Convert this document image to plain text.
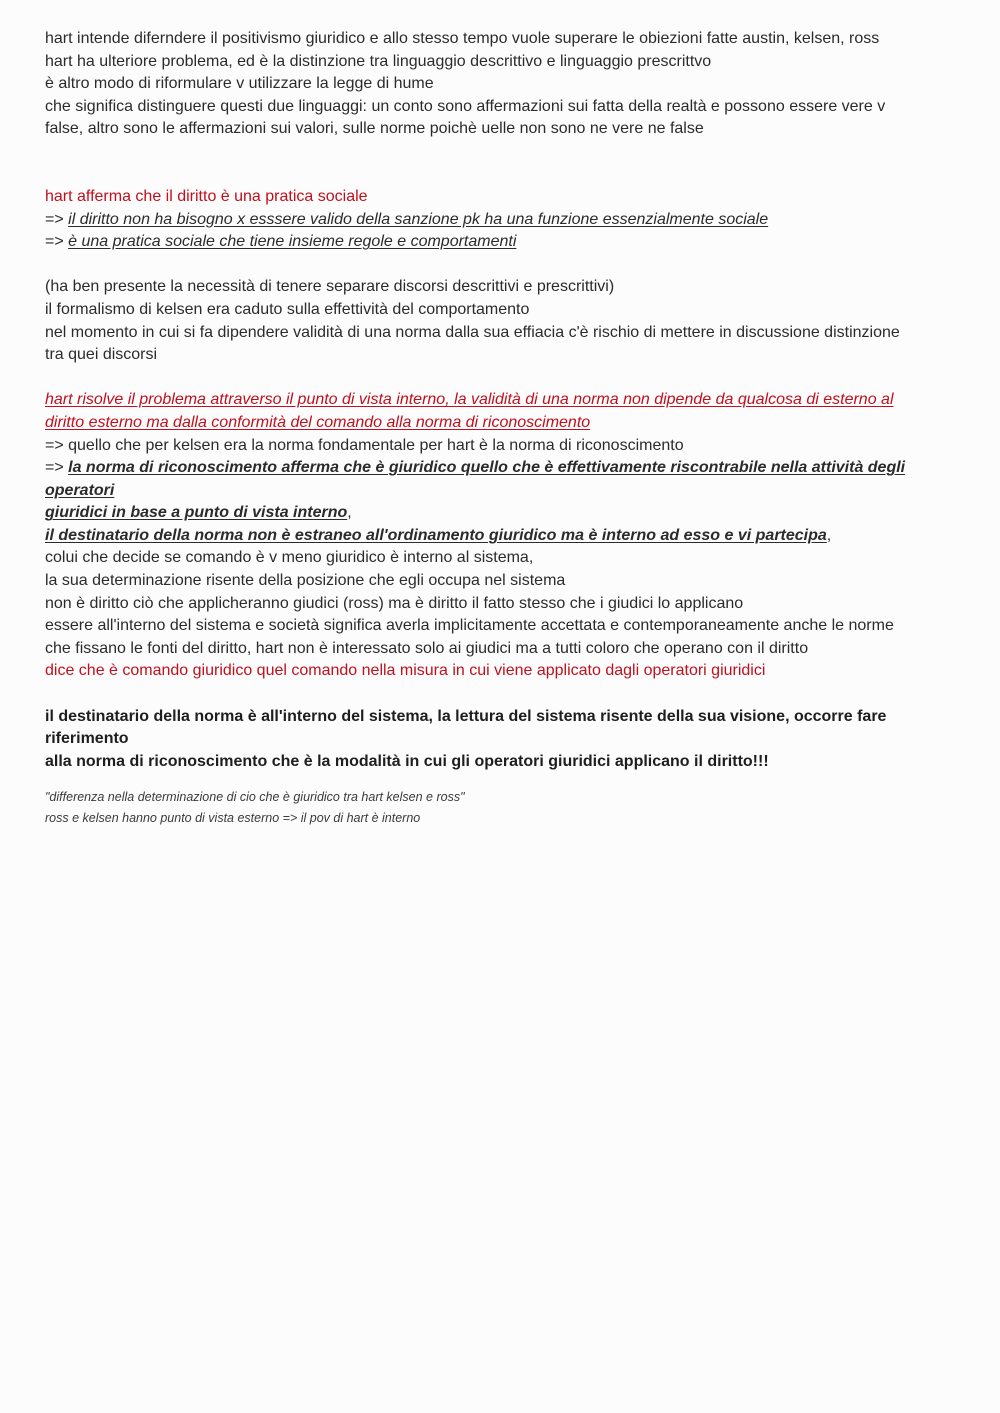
hart intende diferndere il positivismo giuridico e allo stesso tempo vuole superare le obiezioni fatte austin, kelsen, ross
hart ha ulteriore problema, ed è la distinzione tra linguaggio descrittivo e linguaggio prescrittvo
è altro modo di riformulare v utilizzare la legge di hume
che significa distinguere questi due linguaggi: un conto sono affermazioni sui fatta della realtà e possono essere vere v
false, altro sono le affermazioni sui valori, sulle norme poichè uelle non sono ne vere ne false
hart afferma che il diritto è una pratica sociale
=> il diritto non ha bisogno x esssere valido della sanzione pk ha una funzione essenzialmente sociale
=> è una pratica sociale che tiene insieme regole e comportamenti
(ha ben presente la necessità di tenere separare discorsi descrittivi e prescrittivi)
il formalismo di kelsen era caduto sulla effettività del comportamento
nel momento in cui si fa dipendere validità di una norma dalla sua effiacia c'è rischio di mettere in discussione distinzione
tra quei discorsi
hart risolve il problema attraverso il punto di vista interno, la validità di una norma non dipende da qualcosa di esterno al
diritto esterno ma dalla conformità del comando alla norma di riconoscimento
=> quello che per kelsen era la norma fondamentale per hart è la norma di riconoscimento
=> la norma di riconoscimento afferma che è giuridico quello che è effettivamente riscontrabile nella attività degli operatori
giuridici in base a punto di vista interno,
il destinatario della norma non è estraneo all'ordinamento giuridico ma è interno ad esso e vi partecipa,
colui che decide se comando è v meno giuridico è interno al sistema,
la sua determinazione risente della posizione che egli occupa nel sistema
non è diritto ciò che applicheranno giudici (ross) ma è diritto il fatto stesso che i giudici lo applicano
essere all'interno del sistema e società significa averla implicitamente accettata e contemporaneamente anche le norme
che fissano le fonti del diritto, hart non è interessato solo ai giudici ma a tutti coloro che operano con il diritto
dice che è comando giuridico quel comando nella misura in cui viene applicato dagli operatori giuridici
il destinatario della norma è all'interno del sistema, la lettura del sistema risente della sua visione, occorre fare riferimento
alla norma di riconoscimento che è la modalità in cui gli operatori giuridici applicano il diritto!!!
"differenza nella determinazione di cio che è giuridico tra hart kelsen e ross"
ross e kelsen hanno punto di vista esterno => il pov di hart è interno
